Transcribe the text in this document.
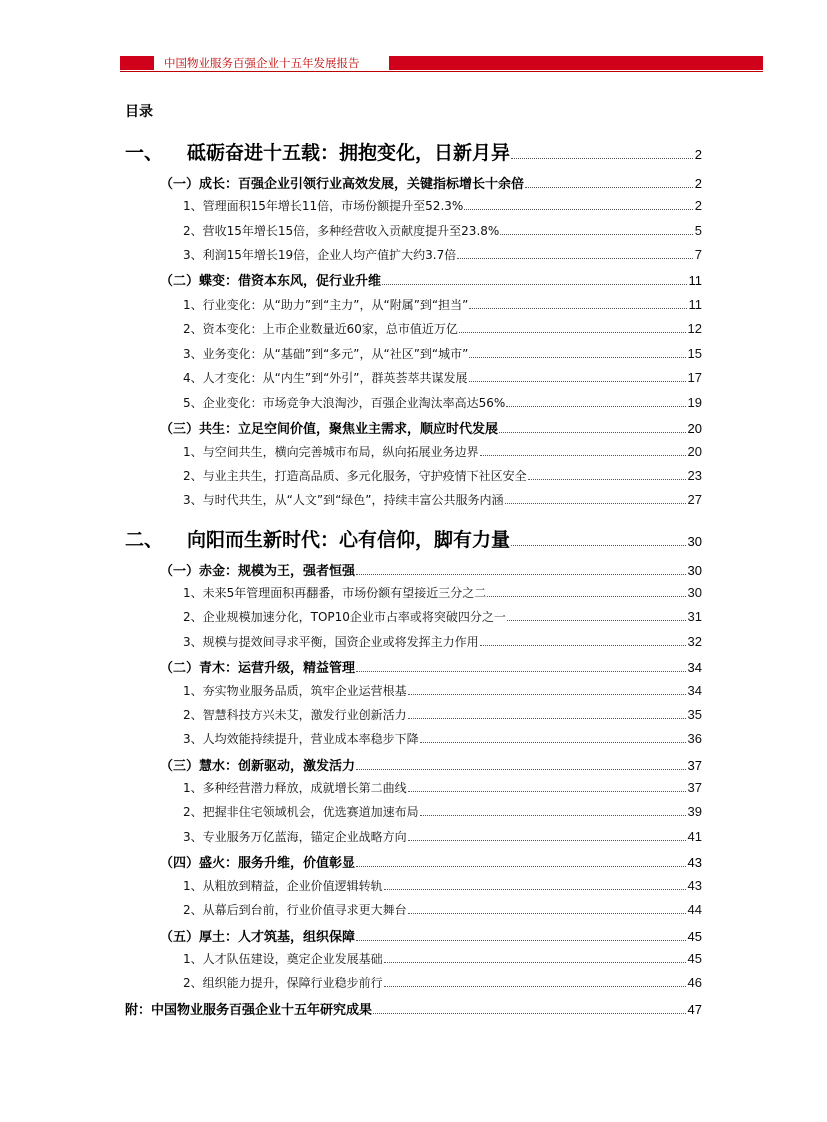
中国物业服务百强企业十五年发展报告
目录
一、 砥砺奋进十五载：拥抱变化，日新月异	2
（一）成长：百强企业引领行业高效发展，关键指标增长十余倍	2
1、管理面积15年增长11倍，市场份额提升至52.3%	2
2、营收15年增长15倍，多种经营收入贡献度提升至23.8%	5
3、利润15年增长19倍，企业人均产值扩大约3.7倍	7
（二）蝶变：借资本东风，促行业升维	11
1、行业变化：从“助力”到“主力”，从“附属”到“担当”	11
2、资本变化：上市企业数量近60家，总市值近万亿	12
3、业务变化：从“基础”到“多元”，从“社区”到“城市”	15
4、人才变化：从“内生”到“外引”，群英荟萃共谋发展	17
5、企业变化：市场竞争大浪淘沙，百强企业淘汰率高达56%	19
（三）共生：立足空间价值，聚焦业主需求，顺应时代发展	20
1、与空间共生，横向完善城市布局，纵向拓展业务边界	20
2、与业主共生，打造高品质、多元化服务，守护疫情下社区安全	23
3、与时代共生，从“人文”到“绿色”，持续丰富公共服务内涵	27
二、 向阳而生新时代：心有信仰，脚有力量	30
（一）赤金：规模为王，强者恒强	30
1、未来5年管理面积再翻番，市场份额有望接近三分之二	30
2、企业规模加速分化，TOP10企业市占率或将突破四分之一	31
3、规模与提效间寻求平衡，国资企业或将发挥主力作用	32
（二）青木：运营升级，精益管理	34
1、夯实物业服务品质，筑牢企业运营根基	34
2、智慧科技方兴未艾，激发行业创新活力	35
3、人均效能持续提升，营业成本率稳步下降	36
（三）慧水：创新驱动，激发活力	37
1、多种经营潜力释放，成就增长第二曲线	37
2、把握非住宅领域机会，优选赛道加速布局	39
3、专业服务万亿蓝海，锚定企业战略方向	41
（四）盛火：服务升维，价值彰显	43
1、从粗放到精益，企业价值逻辑转轨	43
2、从幕后到台前，行业价值寻求更大舞台	44
（五）厚土：人才筑基，组织保障	45
1、人才队伍建设，奠定企业发展基础	45
2、组织能力提升，保障行业稳步前行	46
附：中国物业服务百强企业十五年研究成果	47
